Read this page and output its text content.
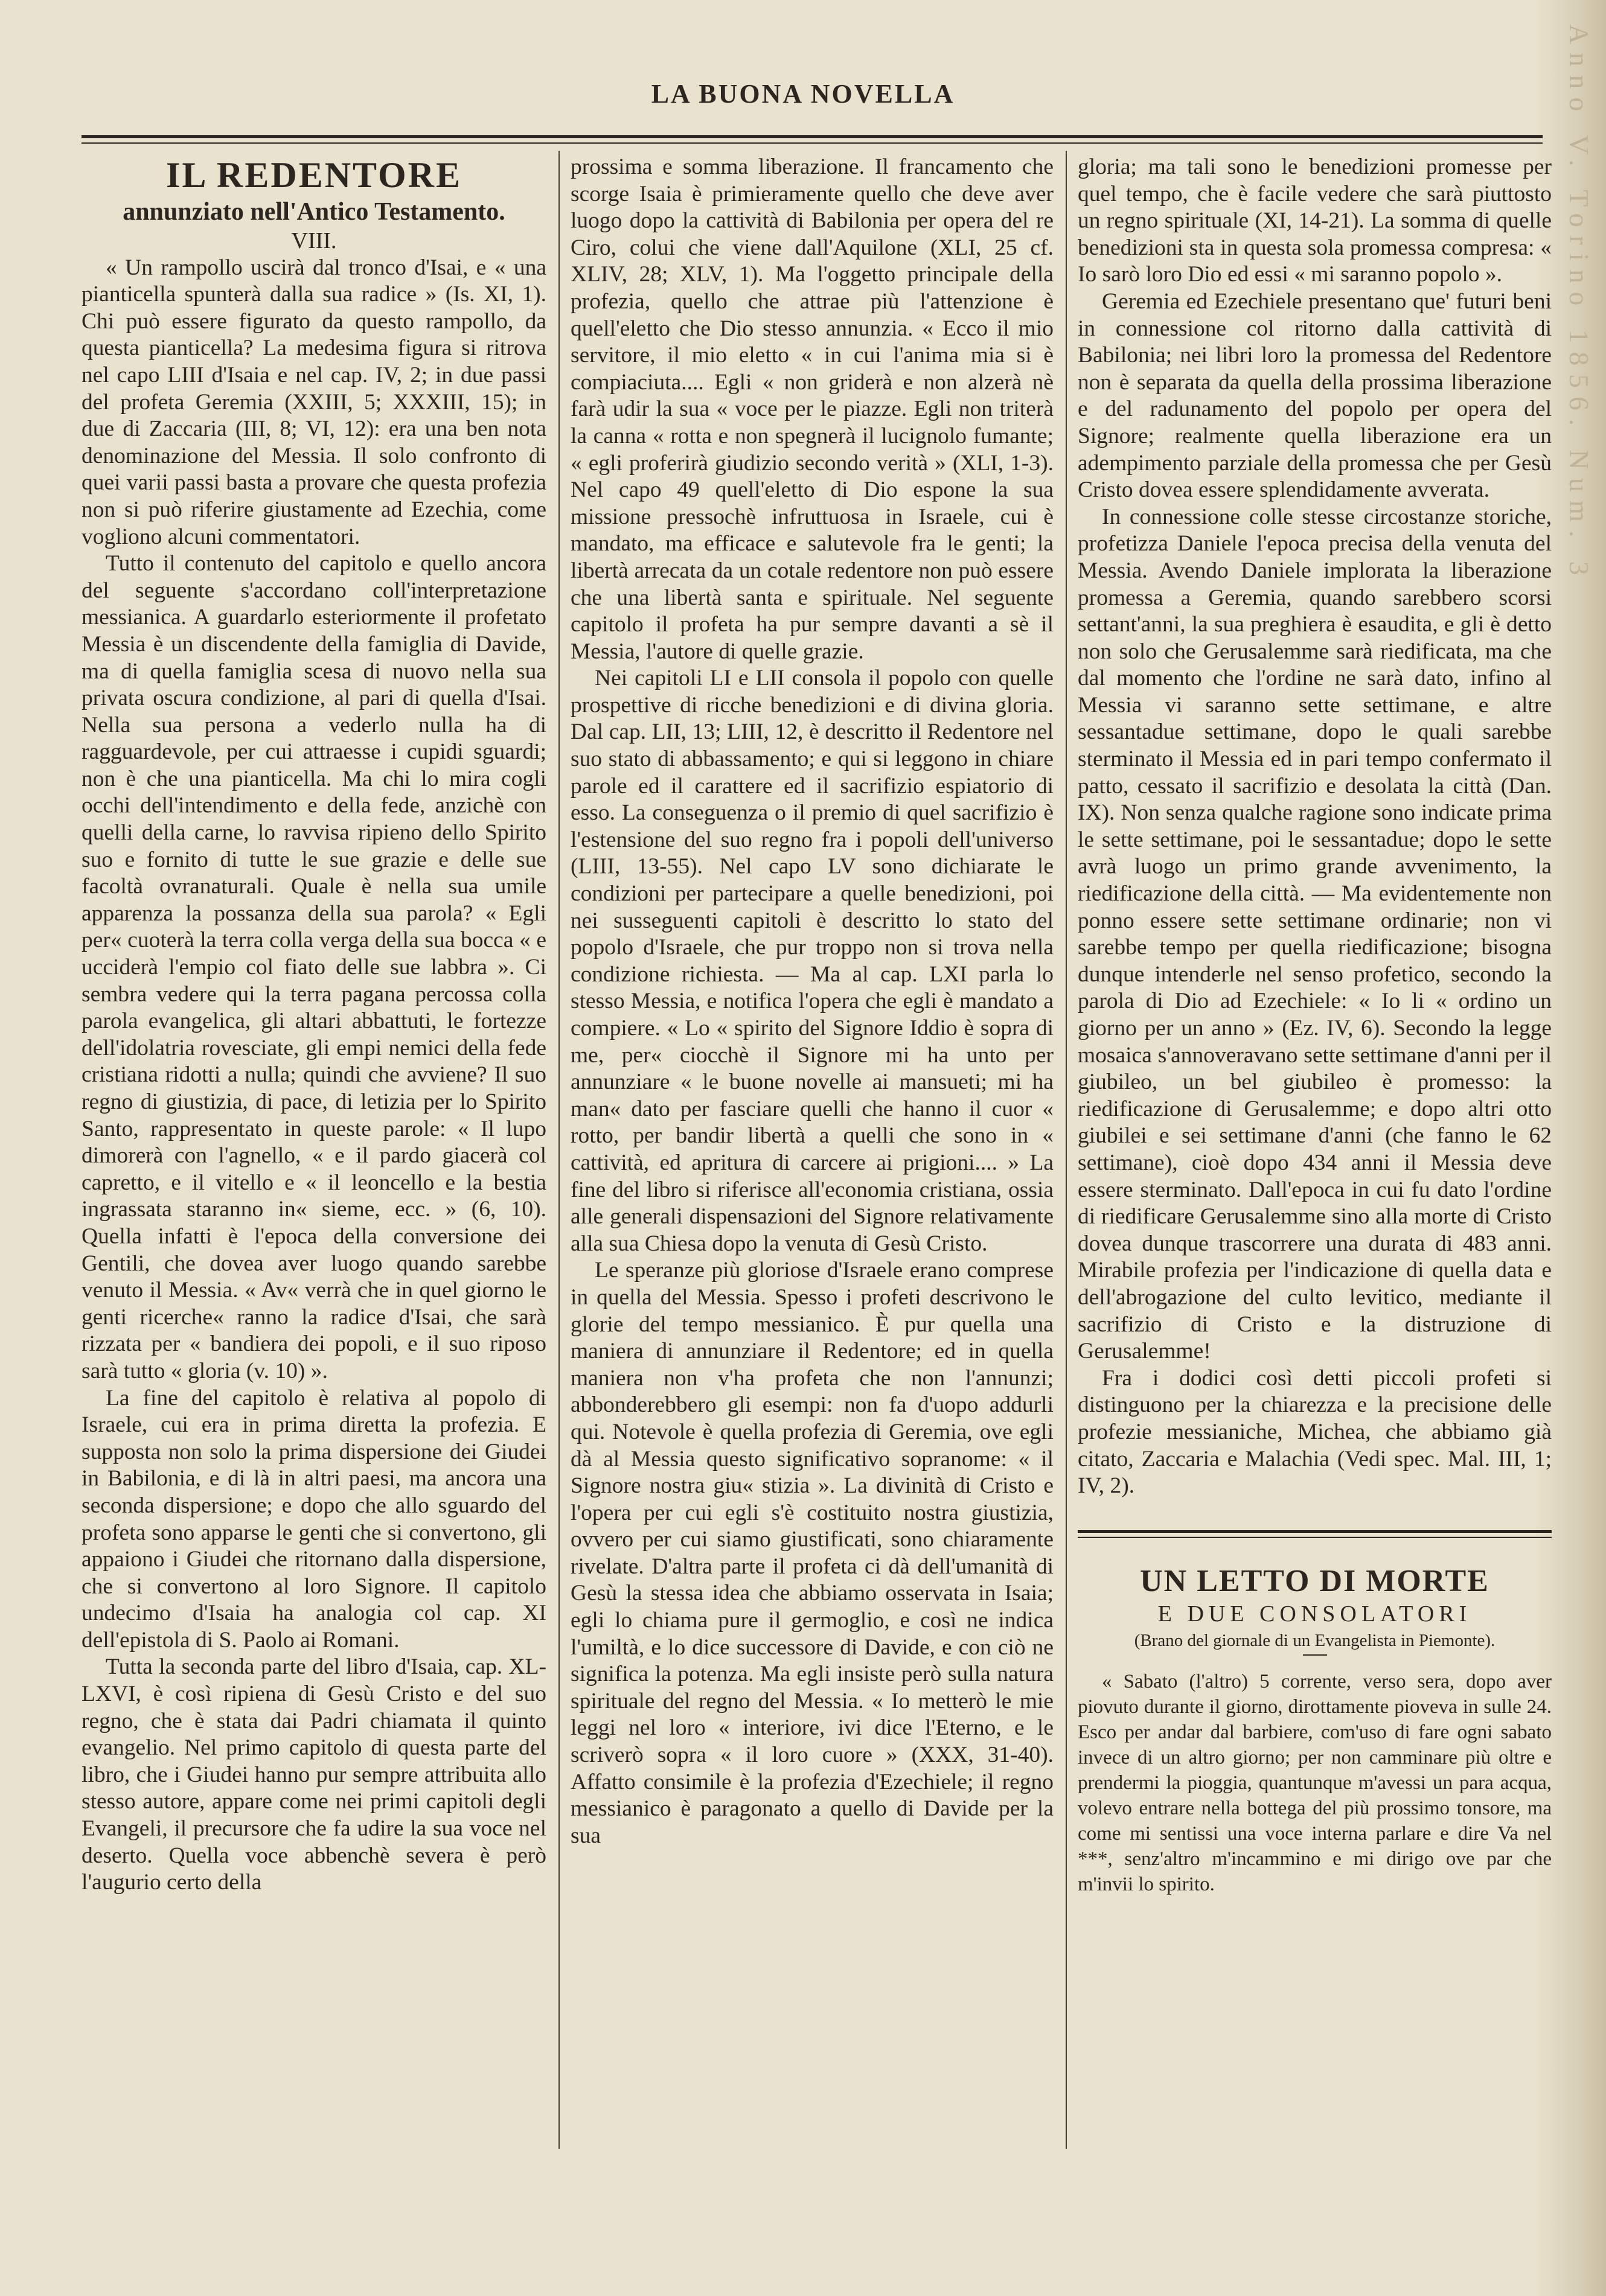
Anno V. Torino 1856. Num. 3
LA BUONA NOVELLA

IL REDENTORE

annunziato nell'Antico Testamento.

VIII.

« Un rampollo uscirà dal tronco d'Isai, e « una pianticella spunterà dalla sua radice » (Is. XI, 1). Chi può essere figurato da questo rampollo, da questa pianticella? La medesima figura si ritrova nel capo LIII d'Isaia e nel cap. IV, 2; in due passi del profeta Geremia (XXIII, 5; XXXIII, 15); in due di Zaccaria (III, 8; VI, 12): era una ben nota denominazione del Messia. Il solo confronto di quei varii passi basta a provare che questa profezia non si può riferire giustamente ad Ezechia, come vogliono alcuni commentatori.

Tutto il contenuto del capitolo e quello ancora del seguente s'accordano coll'interpretazione messianica. A guardarlo esteriormente il profetato Messia è un discendente della famiglia di Davide, ma di quella famiglia scesa di nuovo nella sua privata oscura condizione, al pari di quella d'Isai. Nella sua persona a vederlo nulla ha di ragguardevole, per cui attraesse i cupidi sguardi; non è che una pianticella. Ma chi lo mira cogli occhi dell'intendimento e della fede, anzichè con quelli della carne, lo ravvisa ripieno dello Spirito suo e fornito di tutte le sue grazie e delle sue facoltà ovranaturali. Quale è nella sua umile apparenza la possanza della sua parola? « Egli per« cuoterà la terra colla verga della sua bocca « e ucciderà l'empio col fiato delle sue labbra ». Ci sembra vedere qui la terra pagana percossa colla parola evangelica, gli altari abbattuti, le fortezze dell'idolatria rovesciate, gli empi nemici della fede cristiana ridotti a nulla; quindi che avviene? Il suo regno di giustizia, di pace, di letizia per lo Spirito Santo, rappresentato in queste parole: « Il lupo dimorerà con l'agnello, « e il pardo giacerà col capretto, e il vitello e « il leoncello e la bestia ingrassata staranno in« sieme, ecc. » (6, 10). Quella infatti è l'epoca della conversione dei Gentili, che dovea aver luogo quando sarebbe venuto il Messia. « Av« verrà che in quel giorno le genti ricerche« ranno la radice d'Isai, che sarà rizzata per « bandiera dei popoli, e il suo riposo sarà tutto « gloria (v. 10) ».

La fine del capitolo è relativa al popolo di Israele, cui era in prima diretta la profezia. E supposta non solo la prima dispersione dei Giudei in Babilonia, e di là in altri paesi, ma ancora una seconda dispersione; e dopo che allo sguardo del profeta sono apparse le genti che si convertono, gli appaiono i Giudei che ritornano dalla dispersione, che si convertono al loro Signore. Il capitolo undecimo d'Isaia ha analogia col cap. XI dell'epistola di S. Paolo ai Romani.

Tutta la seconda parte del libro d'Isaia, cap. XL-LXVI, è così ripiena di Gesù Cristo e del suo regno, che è stata dai Padri chiamata il quinto evangelio. Nel primo capitolo di questa parte del libro, che i Giudei hanno pur sempre attribuita allo stesso autore, appare come nei primi capitoli degli Evangeli, il precursore che fa udire la sua voce nel deserto. Quella voce abbenchè severa è però l'augurio certo della

prossima e somma liberazione. Il francamento che scorge Isaia è primieramente quello che deve aver luogo dopo la cattività di Babilonia per opera del re Ciro, colui che viene dall'Aquilone (XLI, 25 cf. XLIV, 28; XLV, 1). Ma l'oggetto principale della profezia, quello che attrae più l'attenzione è quell'eletto che Dio stesso annunzia. « Ecco il mio servitore, il mio eletto « in cui l'anima mia si è compiaciuta.... Egli « non griderà e non alzerà nè farà udir la sua « voce per le piazze. Egli non triterà la canna « rotta e non spegnerà il lucignolo fumante; « egli proferirà giudizio secondo verità » (XLI, 1-3). Nel capo 49 quell'eletto di Dio espone la sua missione pressochè infruttuosa in Israele, cui è mandato, ma efficace e salutevole fra le genti; la libertà arrecata da un cotale redentore non può essere che una libertà santa e spirituale. Nel seguente capitolo il profeta ha pur sempre davanti a sè il Messia, l'autore di quelle grazie.

Nei capitoli LI e LII consola il popolo con quelle prospettive di ricche benedizioni e di divina gloria. Dal cap. LII, 13; LIII, 12, è descritto il Redentore nel suo stato di abbassamento; e qui si leggono in chiare parole ed il carattere ed il sacrifizio espiatorio di esso. La conseguenza o il premio di quel sacrifizio è l'estensione del suo regno fra i popoli dell'universo (LIII, 13-55). Nel capo LV sono dichiarate le condizioni per partecipare a quelle benedizioni, poi nei susseguenti capitoli è descritto lo stato del popolo d'Israele, che pur troppo non si trova nella condizione richiesta. — Ma al cap. LXI parla lo stesso Messia, e notifica l'opera che egli è mandato a compiere. « Lo « spirito del Signore Iddio è sopra di me, per« ciocchè il Signore mi ha unto per annunziare « le buone novelle ai mansueti; mi ha man« dato per fasciare quelli che hanno il cuor « rotto, per bandir libertà a quelli che sono in « cattività, ed apritura di carcere ai prigioni.... » La fine del libro si riferisce all'economia cristiana, ossia alle generali dispensazioni del Signore relativamente alla sua Chiesa dopo la venuta di Gesù Cristo.

Le speranze più gloriose d'Israele erano comprese in quella del Messia. Spesso i profeti descrivono le glorie del tempo messianico. È pur quella una maniera di annunziare il Redentore; ed in quella maniera non v'ha profeta che non l'annunzi; abbonderebbero gli esempi: non fa d'uopo addurli qui. Notevole è quella profezia di Geremia, ove egli dà al Messia questo significativo sopranome: « il Signore nostra giu« stizia ». La divinità di Cristo e l'opera per cui egli s'è costituito nostra giustizia, ovvero per cui siamo giustificati, sono chiaramente rivelate. D'altra parte il profeta ci dà dell'umanità di Gesù la stessa idea che abbiamo osservata in Isaia; egli lo chiama pure il germoglio, e così ne indica l'umiltà, e lo dice successore di Davide, e con ciò ne significa la potenza. Ma egli insiste però sulla natura spirituale del regno del Messia. « Io metterò le mie leggi nel loro « interiore, ivi dice l'Eterno, e le scriverò sopra « il loro cuore » (XXX, 31-40). Affatto consimile è la profezia d'Ezechiele; il regno messianico è paragonato a quello di Davide per la sua

gloria; ma tali sono le benedizioni promesse per quel tempo, che è facile vedere che sarà piuttosto un regno spirituale (XI, 14-21). La somma di quelle benedizioni sta in questa sola promessa compresa: « Io sarò loro Dio ed essi « mi saranno popolo ».

Geremia ed Ezechiele presentano que' futuri beni in connessione col ritorno dalla cattività di Babilonia; nei libri loro la promessa del Redentore non è separata da quella della prossima liberazione e del radunamento del popolo per opera del Signore; realmente quella liberazione era un adempimento parziale della promessa che per Gesù Cristo dovea essere splendidamente avverata.

In connessione colle stesse circostanze storiche, profetizza Daniele l'epoca precisa della venuta del Messia. Avendo Daniele implorata la liberazione promessa a Geremia, quando sarebbero scorsi settant'anni, la sua preghiera è esaudita, e gli è detto non solo che Gerusalemme sarà riedificata, ma che dal momento che l'ordine ne sarà dato, infino al Messia vi saranno sette settimane, e altre sessantadue settimane, dopo le quali sarebbe sterminato il Messia ed in pari tempo confermato il patto, cessato il sacrifizio e desolata la città (Dan. IX). Non senza qualche ragione sono indicate prima le sette settimane, poi le sessantadue; dopo le sette avrà luogo un primo grande avvenimento, la riedificazione della città. — Ma evidentemente non ponno essere sette settimane ordinarie; non vi sarebbe tempo per quella riedificazione; bisogna dunque intenderle nel senso profetico, secondo la parola di Dio ad Ezechiele: « Io li « ordino un giorno per un anno » (Ez. IV, 6). Secondo la legge mosaica s'annoveravano sette settimane d'anni per il giubileo, un bel giubileo è promesso: la riedificazione di Gerusalemme; e dopo altri otto giubilei e sei settimane d'anni (che fanno le 62 settimane), cioè dopo 434 anni il Messia deve essere sterminato. Dall'epoca in cui fu dato l'ordine di riedificare Gerusalemme sino alla morte di Cristo dovea dunque trascorrere una durata di 483 anni. Mirabile profezia per l'indicazione di quella data e dell'abrogazione del culto levitico, mediante il sacrifizio di Cristo e la distruzione di Gerusalemme!

Fra i dodici così detti piccoli profeti si distinguono per la chiarezza e la precisione delle profezie messianiche, Michea, che abbiamo già citato, Zaccaria e Malachia (Vedi spec. Mal. III, 1; IV, 2).

UN LETTO DI MORTE

E DUE CONSOLATORI

(Brano del giornale di un Evangelista in Piemonte).

« Sabato (l'altro) 5 corrente, verso sera, dopo aver piovuto durante il giorno, dirottamente pioveva in sulle 24. Esco per andar dal barbiere, com'uso di fare ogni sabato invece di un altro giorno; per non camminare più oltre e prendermi la pioggia, quantunque m'avessi un para acqua, volevo entrare nella bottega del più prossimo tonsore, ma come mi sentissi una voce interna parlare e dire Va nel ***, senz'altro m'incammino e mi dirigo ove par che m'invii lo spirito.
